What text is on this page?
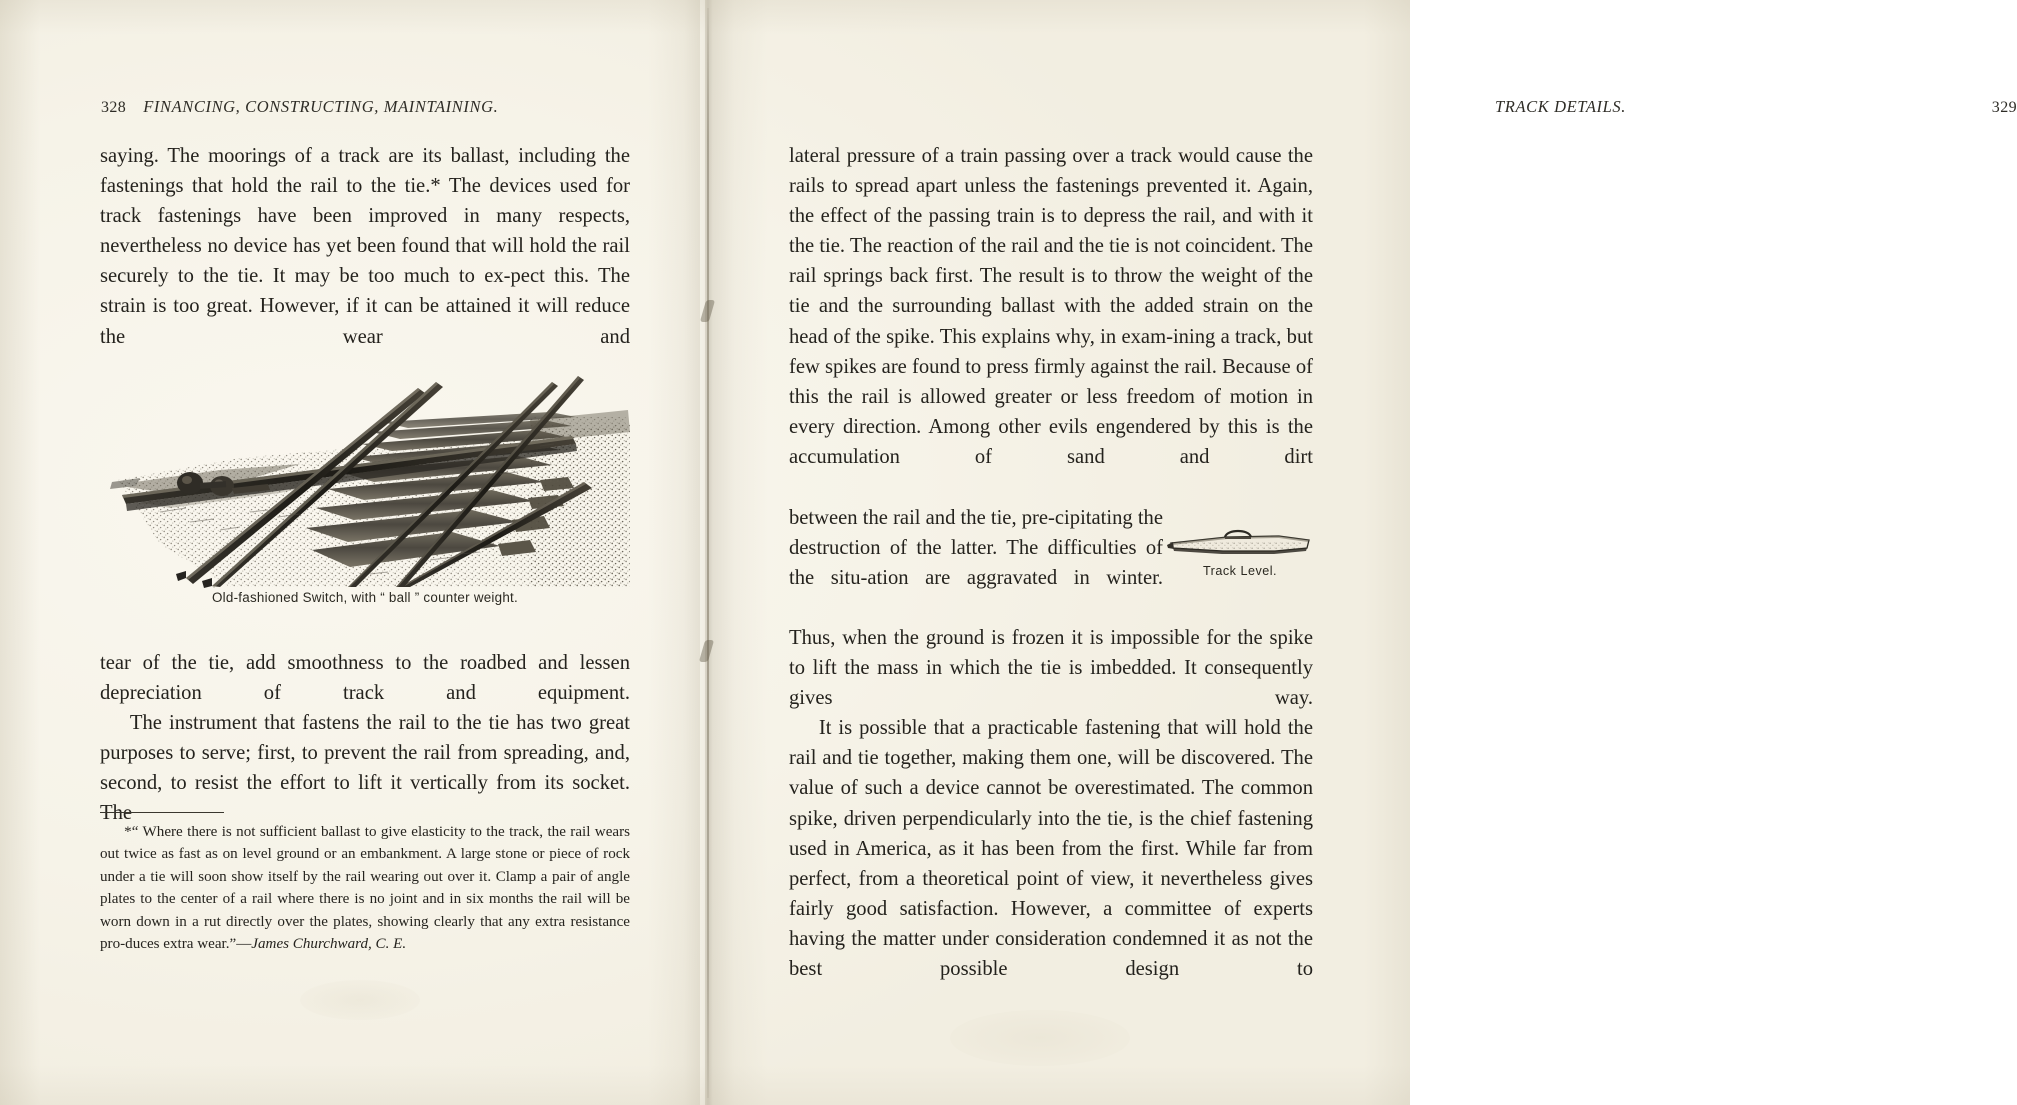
328 FINANCING, CONSTRUCTING, MAINTAINING.

saying. The moorings of a track are its ballast, including the fastenings that hold the rail to the tie.* The devices used for track fastenings have been improved in many respects, nevertheless no device has yet been found that will hold the rail securely to the tie. It may be too much to ex-pect this. The strain is too great. However, if it can be attained it will reduce the wear and

Old-fashioned Switch, with “ ball ” counter weight.

tear of the tie, add smoothness to the roadbed and lessen depreciation of track and equipment.

The instrument that fastens the rail to the tie has two great purposes to serve; first, to prevent the rail from spreading, and, second, to resist the effort to lift it vertically from its socket. The

*“ Where there is not sufficient ballast to give elasticity to the track, the rail wears out twice as fast as on level ground or an embankment. A large stone or piece of rock under a tie will soon show itself by the rail wearing out over it. Clamp a pair of angle plates to the center of a rail where there is no joint and in six months the rail will be worn down in a rut directly over the plates, showing clearly that any extra resistance pro-duces extra wear.”—James Churchward, C. E.

TRACK DETAILS.	329

lateral pressure of a train passing over a track would cause the rails to spread apart unless the fastenings prevented it. Again, the effect of the passing train is to depress the rail, and with it the tie. The reaction of the rail and the tie is not coincident. The rail springs back first. The result is to throw the weight of the tie and the surrounding ballast with the added strain on the head of the spike. This explains why, in exam-ining a track, but few spikes are found to press firmly against the rail. Because of this the rail is allowed greater or less freedom of motion in every direction. Among other evils engendered by this is the accumulation of sand and dirt

between the rail and the tie, pre-cipitating the destruction of the latter. The difficulties of the situ-ation are aggravated in winter.

Thus, when the ground is frozen it is impossible for the spike to lift the mass in which the tie is imbedded. It consequently gives way.

It is possible that a practicable fastening that will hold the rail and tie together, making them one, will be discovered. The value of such a device cannot be overestimated. The common spike, driven perpendicularly into the tie, is the chief fastening used in America, as it has been from the first. While far from perfect, from a theoretical point of view, it nevertheless gives fairly good satisfaction. However, a committee of experts having the matter under consideration condemned it as not the best possible design to

Track Level.
